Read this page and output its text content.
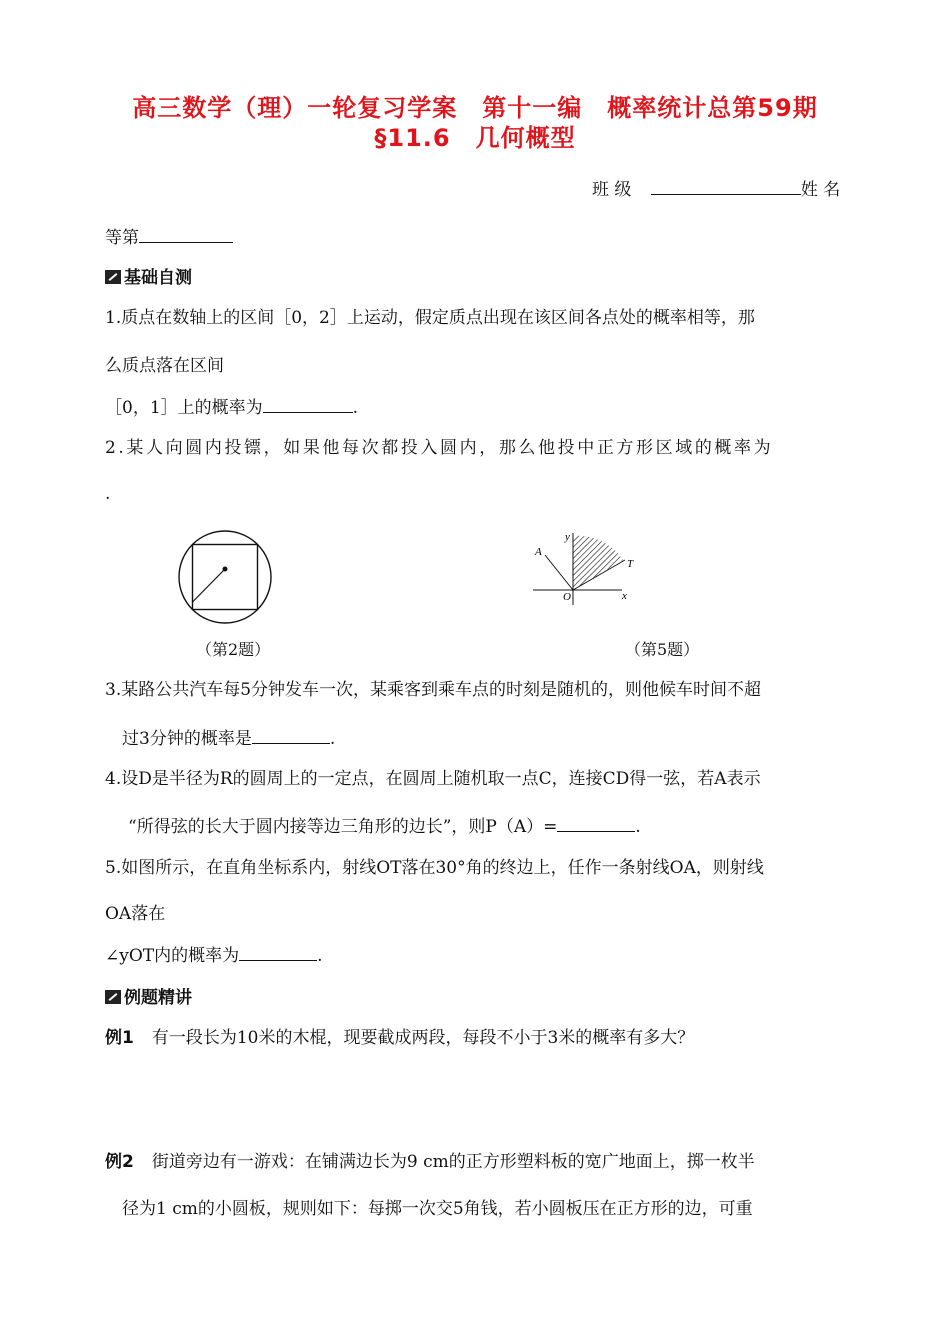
高三数学（理）一轮复习学案　第十一编　概率统计总第59期
§11.6　几何概型
班 级	姓 名
等第
基础自测
1.质点在数轴上的区间［0，2］上运动，假定质点出现在该区间各点处的概率相等，那
么质点落在区间
［0，1］上的概率为	.
2.某人向圆内投镖，如果他每次都投入圆内，那么他投中正方形区域的概率为
.
（第2题）
y
x
O
A
T
（第5题）
3.某路公共汽车每5分钟发车一次，某乘客到乘车点的时刻是随机的，则他候车时间不超
过3分钟的概率是	.
4.设D是半径为R的圆周上的一定点，在圆周上随机取一点C，连接CD得一弦，若A表示
“所得弦的长大于圆内接等边三角形的边长”，则P（A）=	.
5.如图所示，在直角坐标系内，射线OT落在30°角的终边上，任作一条射线OA，则射线
OA落在
∠yOT内的概率为	.
例题精讲
例1 有一段长为10米的木棍，现要截成两段，每段不小于3米的概率有多大？
例2 街道旁边有一游戏：在铺满边长为9 cm的正方形塑料板的宽广地面上，掷一枚半
径为1 cm的小圆板，规则如下：每掷一次交5角钱，若小圆板压在正方形的边，可重
